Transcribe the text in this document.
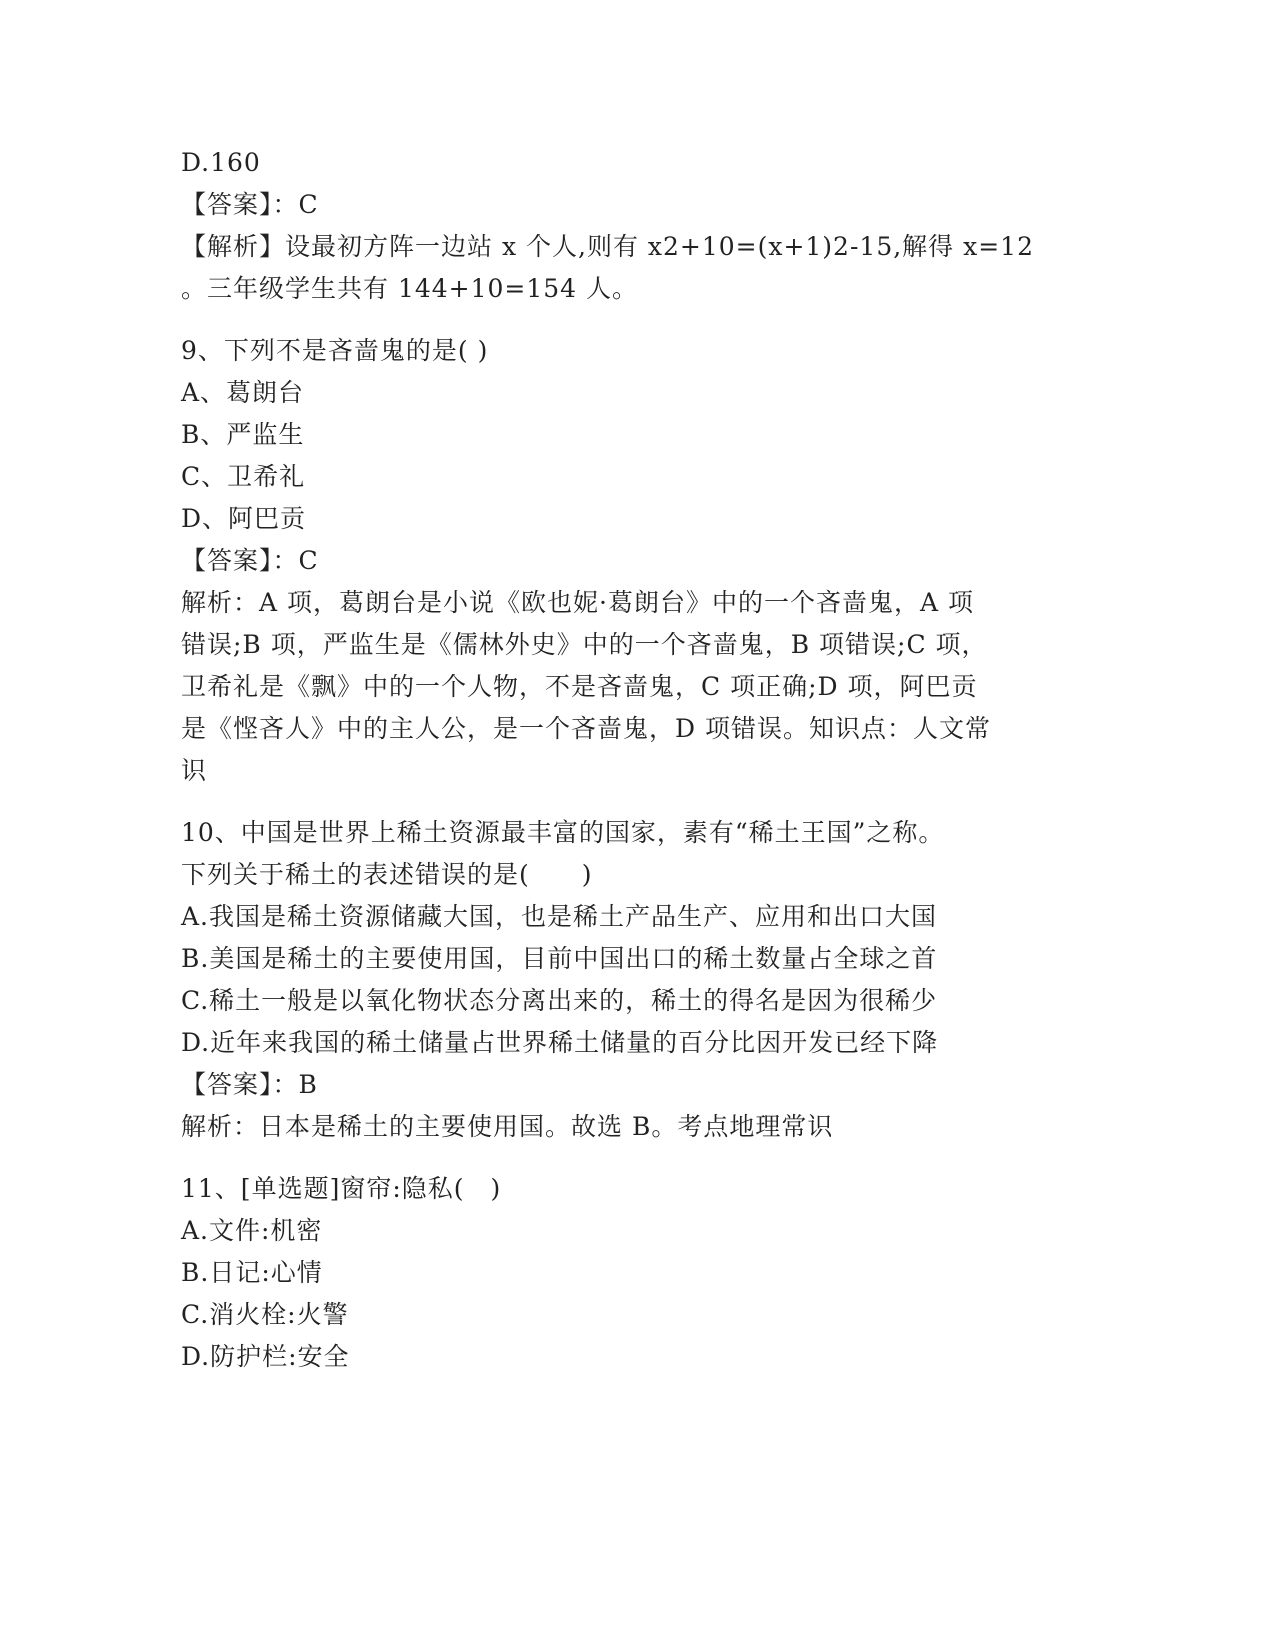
D.160
【答案】：C
【解析】设最初方阵一边站 x 个人,则有 x2+10=(x+1)2-15,解得 x=12
。三年级学生共有 144+10=154 人。
9、下列不是吝啬鬼的是( )
A、葛朗台
B、严监生
C、卫希礼
D、阿巴贡
【答案】：C
解析：A 项，葛朗台是小说《欧也妮·葛朗台》中的一个吝啬鬼，A 项
错误;B 项，严监生是《儒林外史》中的一个吝啬鬼，B 项错误;C 项，
卫希礼是《飘》中的一个人物，不是吝啬鬼，C 项正确;D 项，阿巴贡
是《悭吝人》中的主人公，是一个吝啬鬼，D 项错误。知识点：人文常
识
10、中国是世界上稀土资源最丰富的国家，素有“稀土王国”之称。
下列关于稀土的表述错误的是(　　)
A.我国是稀土资源储藏大国，也是稀土产品生产、应用和出口大国
B.美国是稀土的主要使用国，目前中国出口的稀土数量占全球之首
C.稀土一般是以氧化物状态分离出来的，稀土的得名是因为很稀少
D.近年来我国的稀土储量占世界稀土储量的百分比因开发已经下降
【答案】：B
解析：日本是稀土的主要使用国。故选 B。考点地理常识
11、[单选题]窗帘:隐私(　)
A.文件:机密
B.日记:心情
C.消火栓:火警
D.防护栏:安全
